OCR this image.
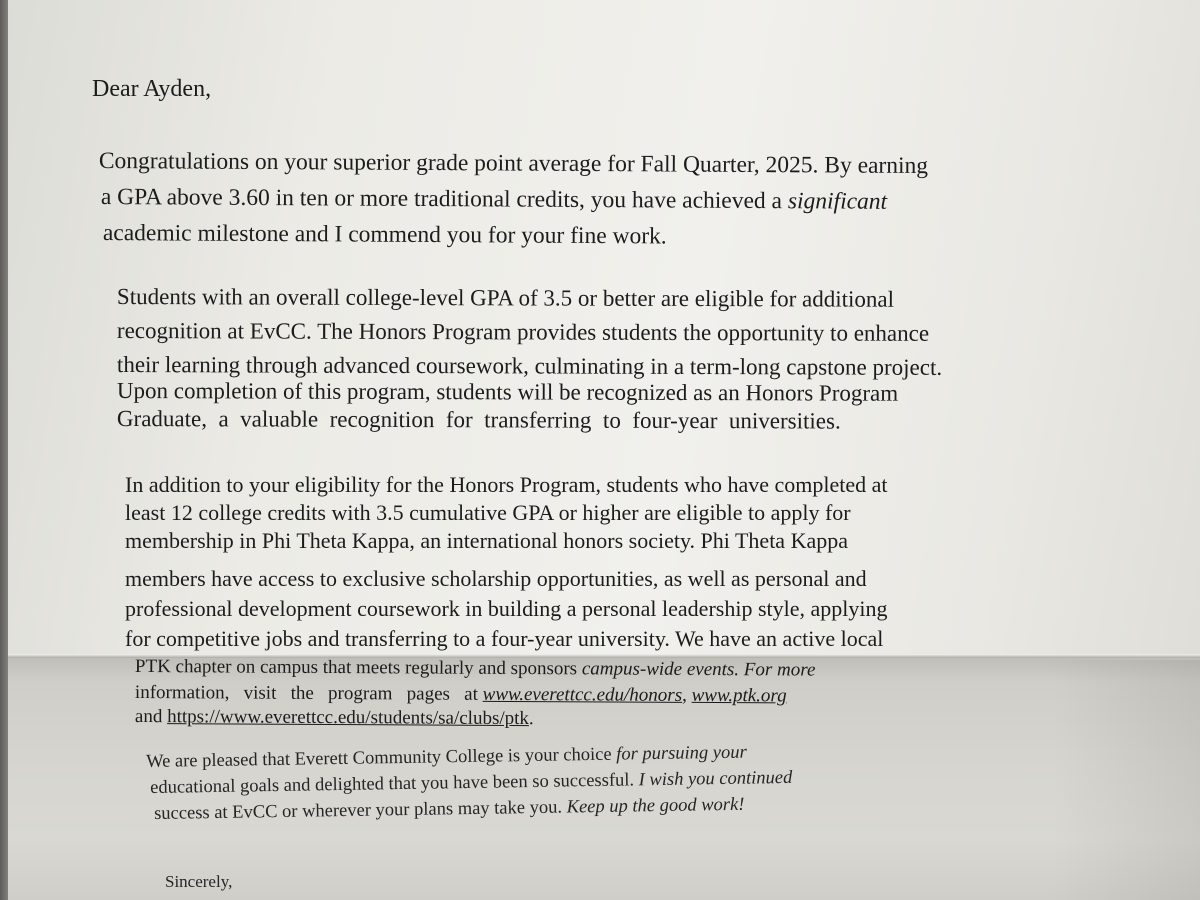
Dear Ayden,
Congratulations on your superior grade point average for Fall Quarter, 2025. By earning
a GPA above 3.60 in ten or more traditional credits, you have achieved a significant
academic milestone and I commend you for your fine work.
Students with an overall college-level GPA of 3.5 or better are eligible for additional
recognition at EvCC. The Honors Program provides students the opportunity to enhance
their learning through advanced coursework, culminating in a term-long capstone project.
Upon completion of this program, students will be recognized as an Honors Program
Graduate,  a  valuable  recognition  for  transferring  to  four-year  universities.
In addition to your eligibility for the Honors Program, students who have completed at
least 12 college credits with 3.5 cumulative GPA or higher are eligible to apply for
membership in Phi Theta Kappa, an international honors society. Phi Theta Kappa
members have access to exclusive scholarship opportunities, as well as personal and
professional development coursework in building a personal leadership style, applying
for competitive jobs and transferring to a four-year university. We have an active local
PTK chapter on campus that meets regularly and sponsors campus-wide events. For more
information,   visit   the   program   pages   at www.everettcc.edu/honors, www.ptk.org
and https://www.everettcc.edu/students/sa/clubs/ptk.
We are pleased that Everett Community College is your choice for pursuing your
educational goals and delighted that you have been so successful. I wish you continued
success at EvCC or wherever your plans may take you. Keep up the good work!
Sincerely,
